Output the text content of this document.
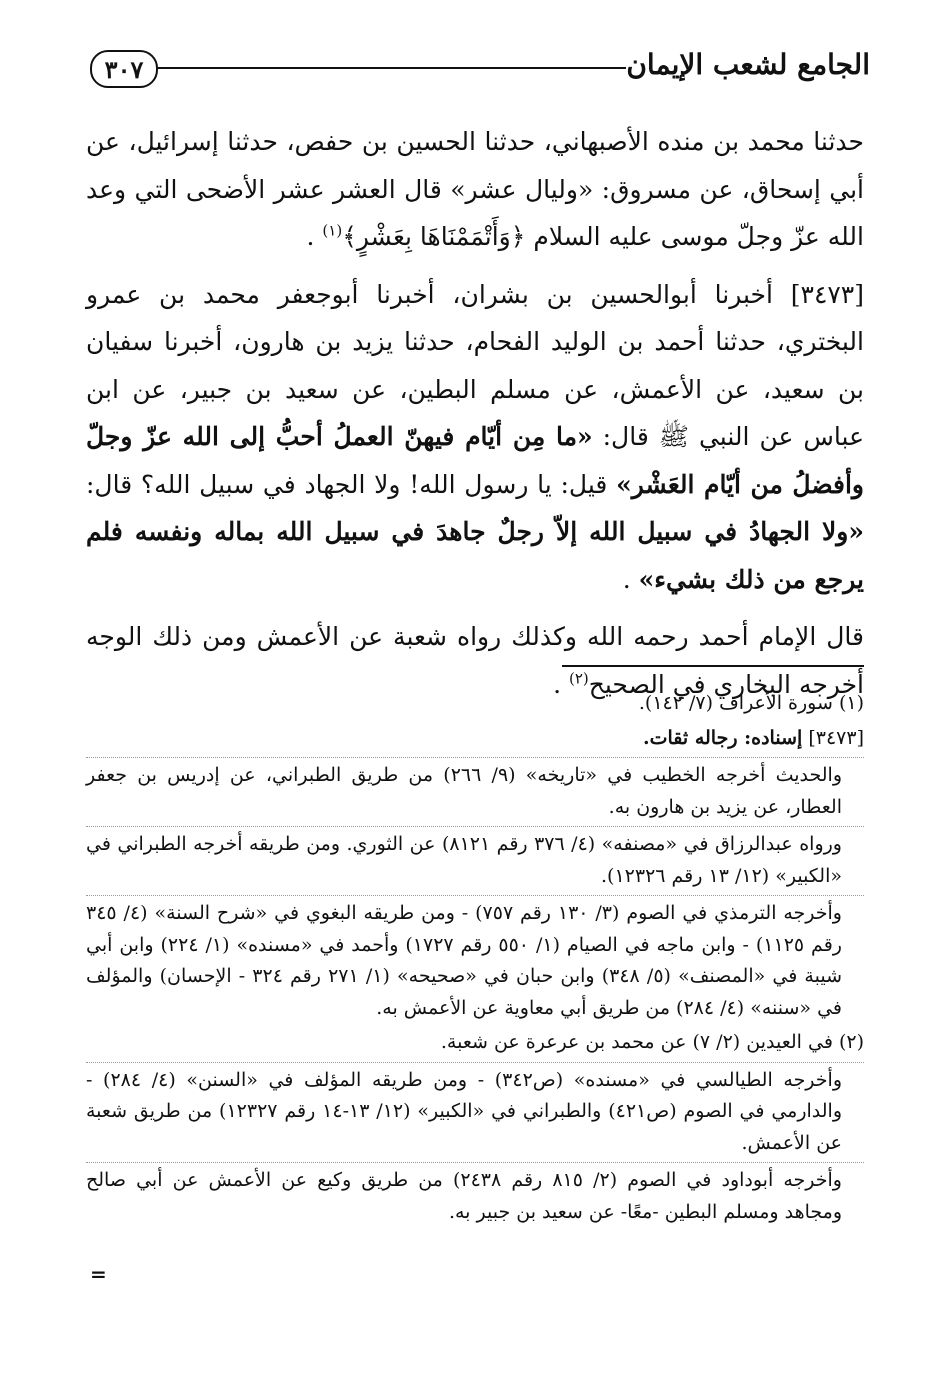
٣٠٧	الجامع لشعب الإيمان

حدثنا محمد بن منده الأصبهاني، حدثنا الحسين بن حفص، حدثنا إسرائيل، عن أبي إسحاق، عن مسروق: «وليال عشر» قال العشر عشر الأضحى التي وعد الله عزّ وجلّ موسى عليه السلام ﴿وَأَتْمَمْنَاهَا بِعَشْرٍ﴾$^{(١)}$ .

[٣٤٧٣] أخبرنا أبوالحسين بن بشران، أخبرنا أبوجعفر محمد بن عمرو البختري، حدثنا أحمد بن الوليد الفحام، حدثنا يزيد بن هارون، أخبرنا سفيان بن سعيد، عن الأعمش، عن مسلم البطين، عن سعيد بن جبير، عن ابن عباس عن النبي ﷺ قال: «ما مِن أيّام فيهنّ العملُ أحبُّ إلى الله عزّ وجلّ وأفضلُ من أيّام العَشْر» قيل: يا رسول الله! ولا الجهاد في سبيل الله؟ قال: «ولا الجهادُ في سبيل الله إلاّ رجلٌ جاهدَ في سبيل الله بماله ونفسه فلم يرجع من ذلك بشيء» .

قال الإمام أحمد رحمه الله وكذلك رواه شعبة عن الأعمش ومن ذلك الوجه أخرجه البخاري في الصحيح$^{(٢)}$ .

(١) سورة الأعراف (٧/ ١٤٢).

[٣٤٧٣] إسناده: رجاله ثقات.

والحديث أخرجه الخطيب في «تاريخه» (٩/ ٢٦٦) من طريق الطبراني، عن إدريس بن جعفر العطار، عن يزيد بن هارون به.

ورواه عبدالرزاق في «مصنفه» (٤/ ٣٧٦ رقم ٨١٢١) عن الثوري. ومن طريقه أخرجه الطبراني في «الكبير» (١٢/ ١٣ رقم ١٢٣٢٦).

وأخرجه الترمذي في الصوم (٣/ ١٣٠ رقم ٧٥٧) - ومن طريقه البغوي في «شرح السنة» (٤/ ٣٤٥ رقم ١١٢٥) - وابن ماجه في الصيام (١/ ٥٥٠ رقم ١٧٢٧) وأحمد في «مسنده» (١/ ٢٢٤) وابن أبي شيبة في «المصنف» (٥/ ٣٤٨) وابن حبان في «صحيحه» (١/ ٢٧١ رقم ٣٢٤ - الإحسان) والمؤلف في «سننه» (٤/ ٢٨٤) من طريق أبي معاوية عن الأعمش به.

(٢) في العيدين (٢/ ٧) عن محمد بن عرعرة عن شعبة.

وأخرجه الطيالسي في «مسنده» (ص٣٤٢) - ومن طريقه المؤلف في «السنن» (٤/ ٢٨٤) - والدارمي في الصوم (ص٤٢١) والطبراني في «الكبير» (١٢/ ١٣-١٤ رقم ١٢٣٢٧) من طريق شعبة عن الأعمش.

وأخرجه أبوداود في الصوم (٢/ ٨١٥ رقم ٢٤٣٨) من طريق وكيع عن الأعمش عن أبي صالح ومجاهد ومسلم البطين -معًا- عن سعيد بن جبير به.

=
